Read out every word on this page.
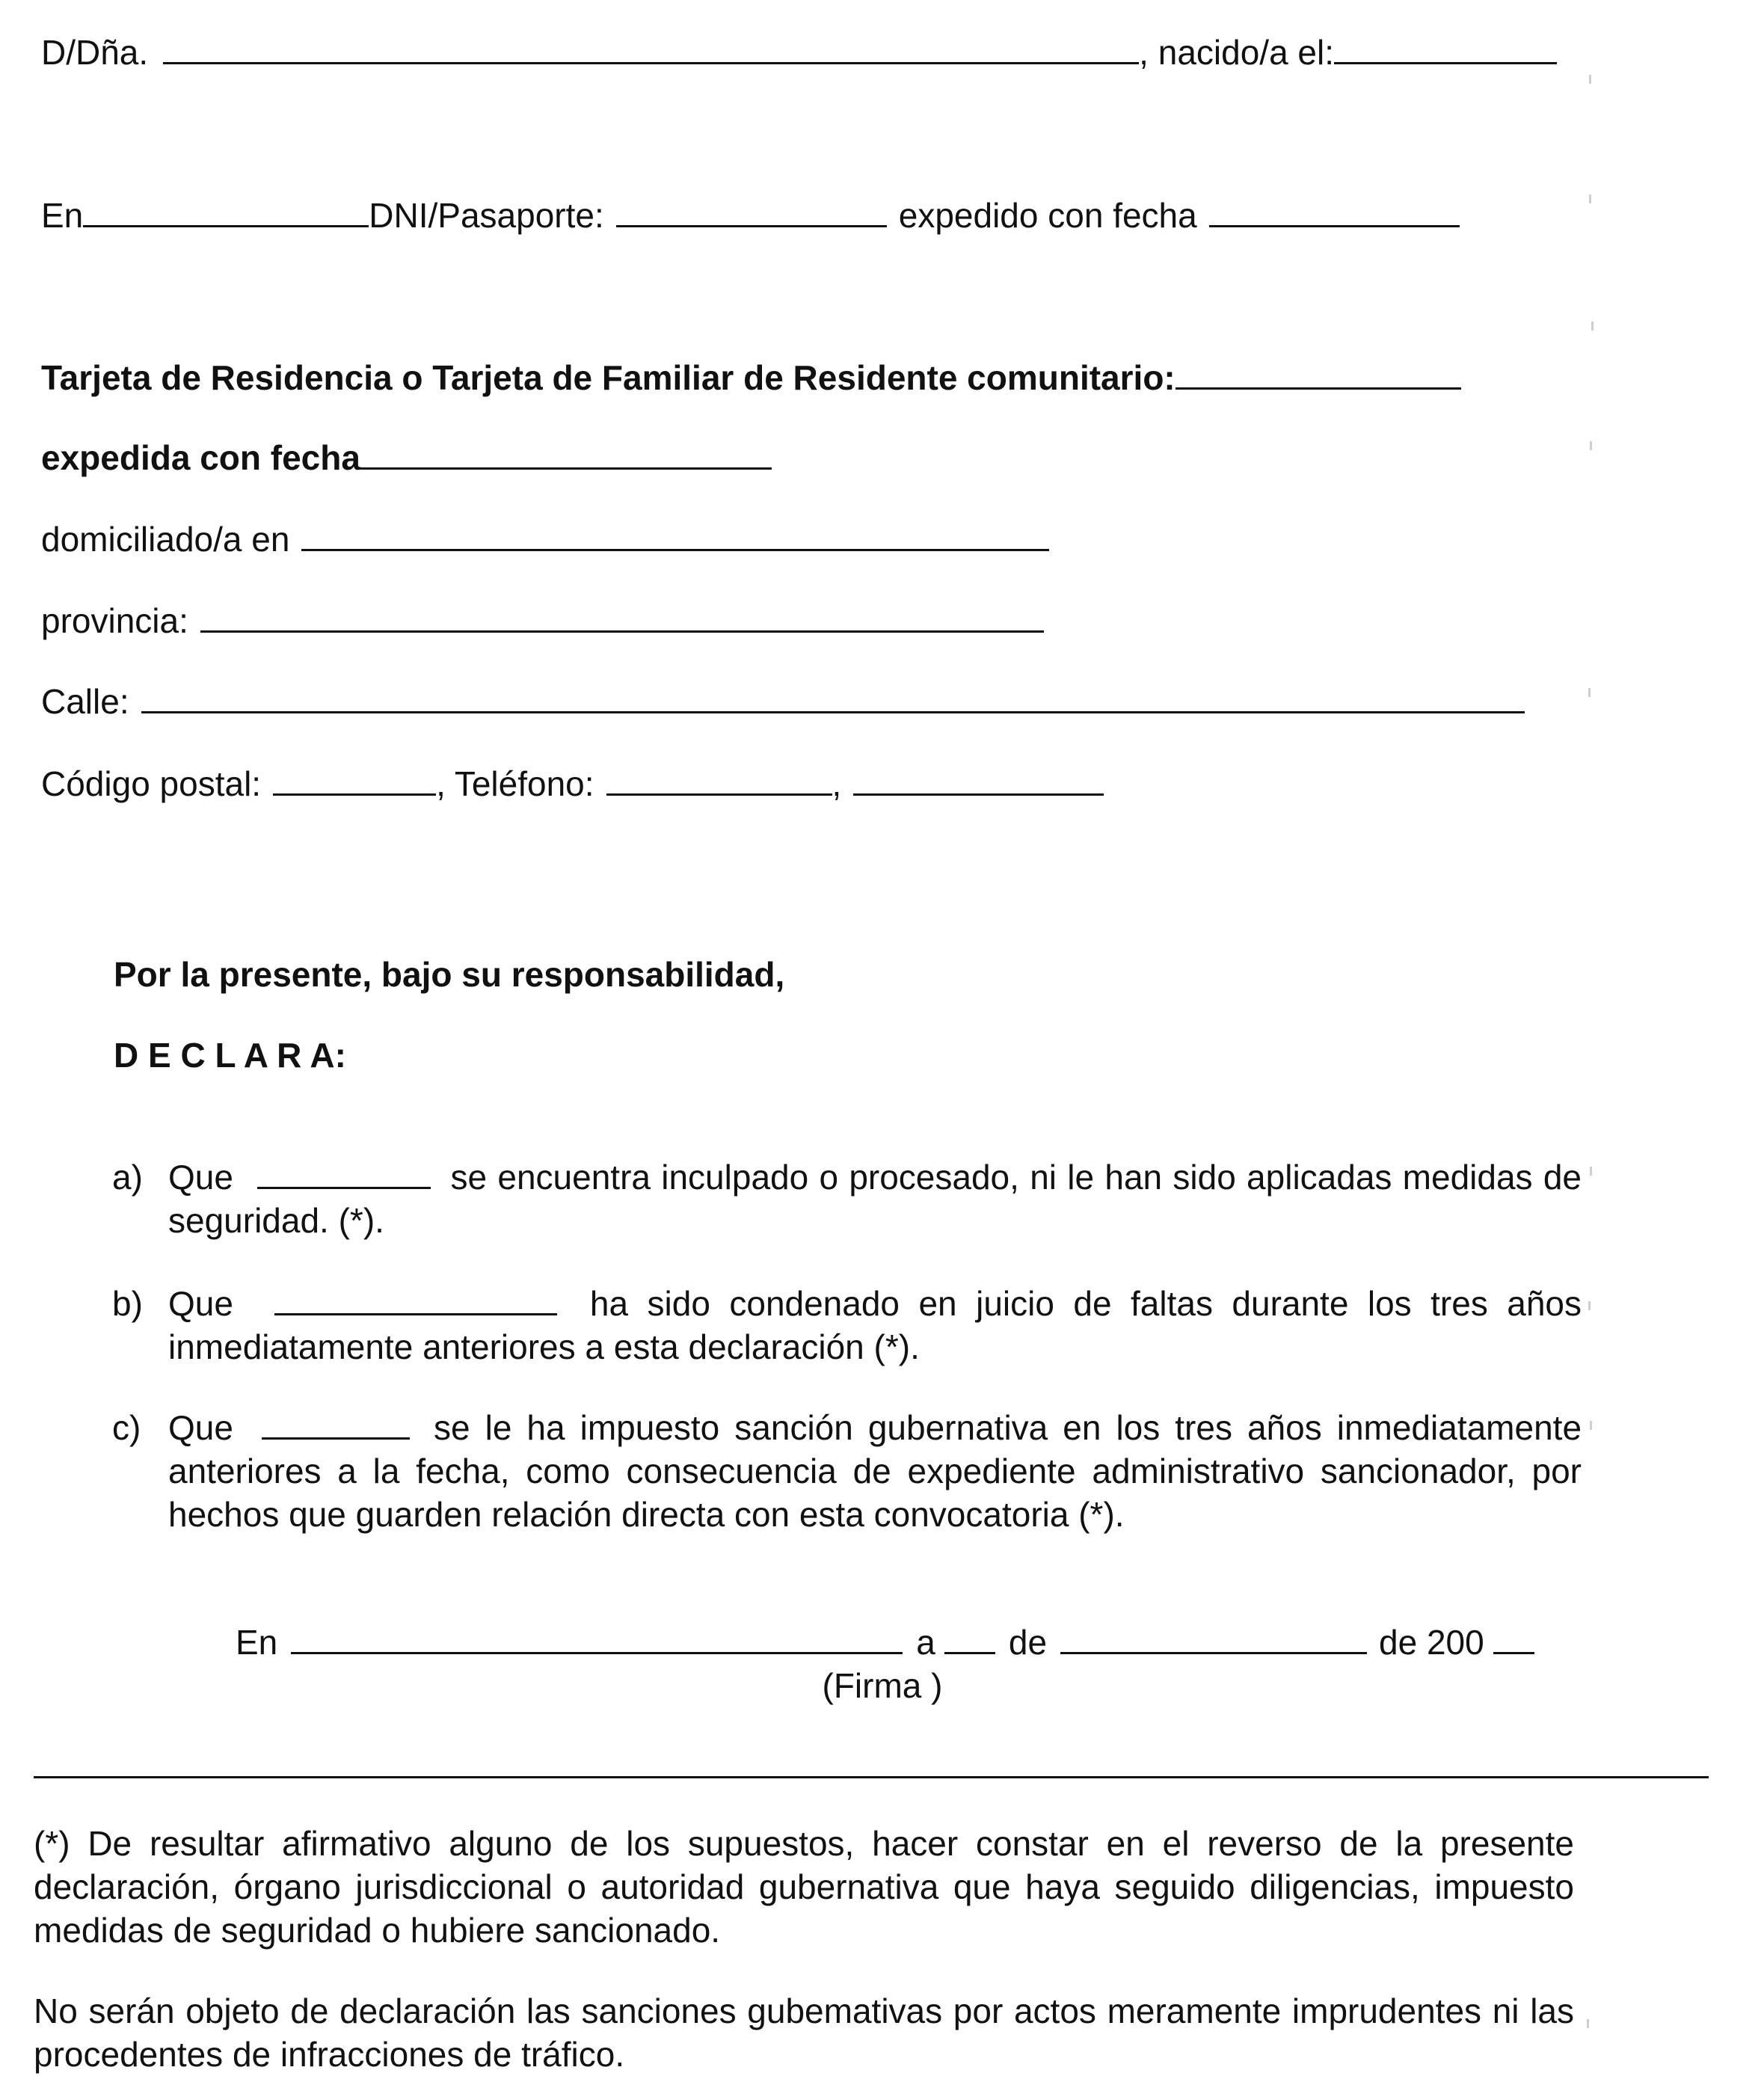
D/Dña.	, nacido/a el:
En	DNI/Pasaporte:	expedido con fecha
Tarjeta de Residencia o Tarjeta de Familiar de Residente comunitario:
expedida con fecha
domiciliado/a en
provincia:
Calle:
Código postal:	, Teléfono:	,
Por la presente, bajo su responsabilidad,
D E C L A R A:
a) Que	se encuentra inculpado o procesado, ni le han sido aplicadas medidas de seguridad. (*).
b) Que	ha sido condenado en juicio de faltas durante los tres años inmediatamente anteriores a esta declaración (*).
c) Que	se le ha impuesto sanción gubernativa en los tres años inmediatamente anteriores a la fecha, como consecuencia de expediente administrativo sancionador, por hechos que guarden relación directa con esta convocatoria (*).
En	a de	de 200
(Firma )
(*) De resultar afirmativo alguno de los supuestos, hacer constar en el reverso de la presente declaración, órgano jurisdiccional o autoridad gubernativa que haya seguido diligencias, impuesto medidas de seguridad o hubiere sancionado.
No serán objeto de declaración las sanciones gubemativas por actos meramente imprudentes ni las procedentes de infracciones de tráfico.
